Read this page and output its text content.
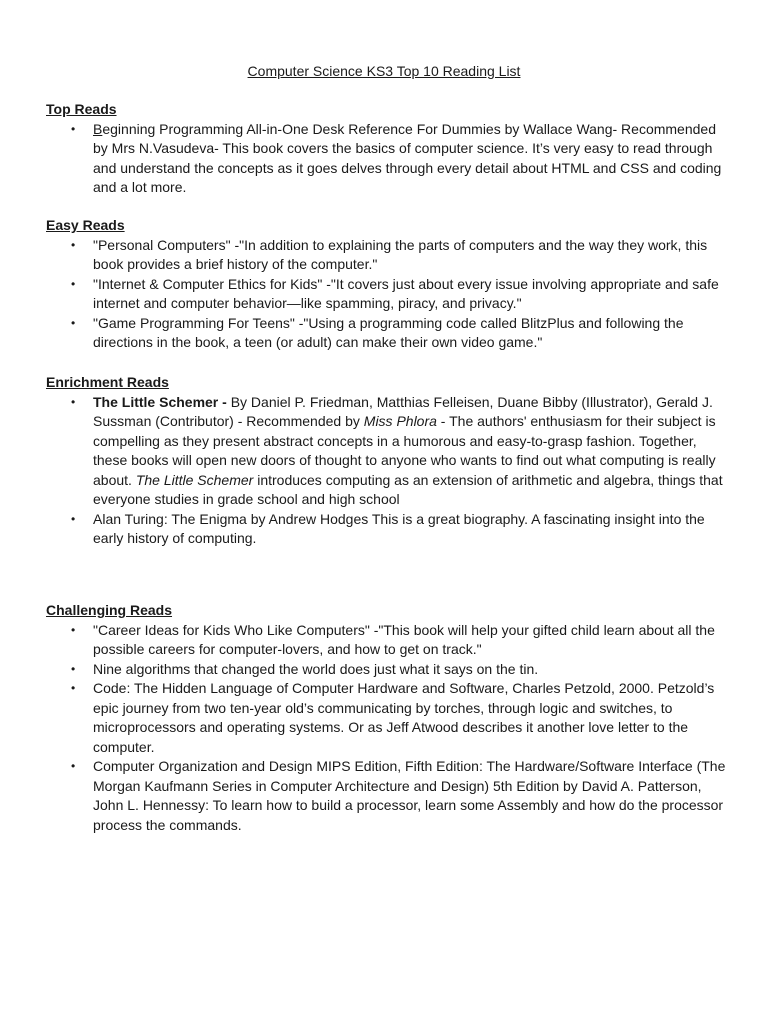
Computer Science KS3 Top 10 Reading List
Top Reads
• Beginning Programming All-in-One Desk Reference For Dummies by Wallace Wang- Recommended by Mrs N.Vasudeva- This book covers the basics of computer science. It’s very easy to read through and understand the concepts as it goes delves through every detail about HTML and CSS and coding and a lot more.
Easy Reads
• "Personal Computers" -"In addition to explaining the parts of computers and the way they work, this book provides a brief history of the computer."
• "Internet & Computer Ethics for Kids" -"It covers just about every issue involving appropriate and safe internet and computer behavior—like spamming, piracy, and privacy."
• "Game Programming For Teens" -"Using a programming code called BlitzPlus and following the directions in the book, a teen (or adult) can make their own video game."
Enrichment Reads
• The Little Schemer - By Daniel P. Friedman, Matthias Felleisen, Duane Bibby (Illustrator), Gerald J. Sussman (Contributor) - Recommended by Miss Phlora - The authors' enthusiasm for their subject is compelling as they present abstract concepts in a humorous and easy-to-grasp fashion. Together, these books will open new doors of thought to anyone who wants to find out what computing is really about. The Little Schemer introduces computing as an extension of arithmetic and algebra, things that everyone studies in grade school and high school
• Alan Turing: The Enigma by Andrew Hodges This is a great biography. A fascinating insight into the early history of computing.
Challenging Reads
• "Career Ideas for Kids Who Like Computers" -"This book will help your gifted child learn about all the possible careers for computer-lovers, and how to get on track."
• Nine algorithms that changed the world does just what it says on the tin.
• Code: The Hidden Language of Computer Hardware and Software, Charles Petzold, 2000. Petzold’s epic journey from two ten-year old’s communicating by torches, through logic and switches, to microprocessors and operating systems. Or as Jeff Atwood describes it another love letter to the computer.
• Computer Organization and Design MIPS Edition, Fifth Edition: The Hardware/Software Interface (The Morgan Kaufmann Series in Computer Architecture and Design) 5th Edition by David A. Patterson, John L. Hennessy: To learn how to build a processor, learn some Assembly and how do the processor process the commands.
